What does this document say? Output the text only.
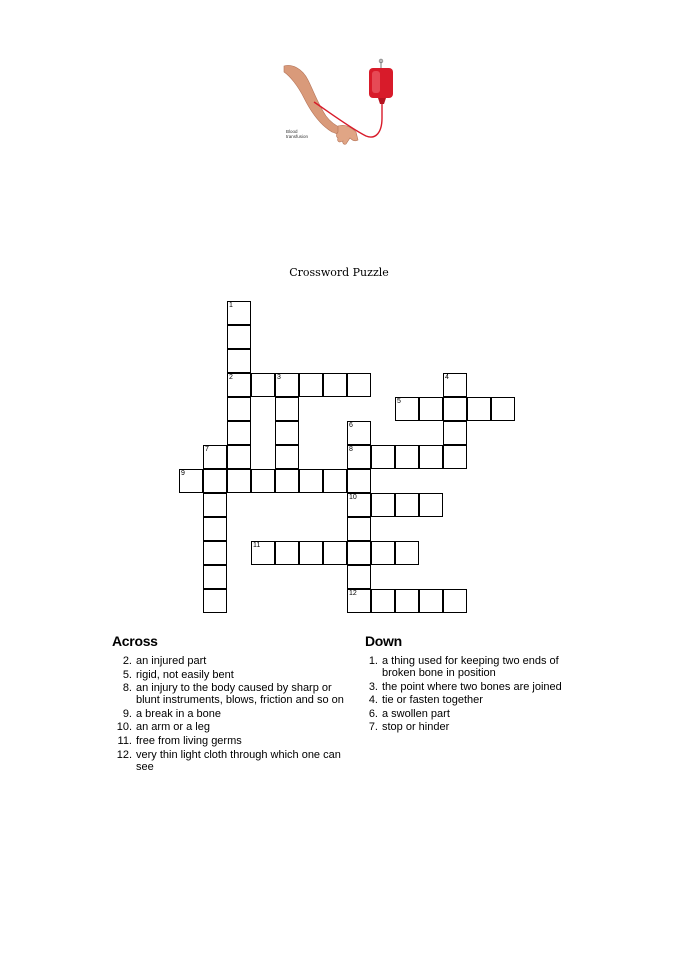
Blood
transfusion
Crossword Puzzle
1
2	3	4
5
6
7	8
9
10
11
12
Across
2. an injured part
5. rigid, not easily bent
8. an injury to the body caused by sharp or blunt instruments, blows, friction and so on
9. a break in a bone
10. an arm or a leg
11. free from living germs
12. very thin light cloth through which one can see
Down
1. a thing used for keeping two ends of broken bone in position
3. the point where two bones are joined
4. tie or fasten together
6. a swollen part
7. stop or hinder
